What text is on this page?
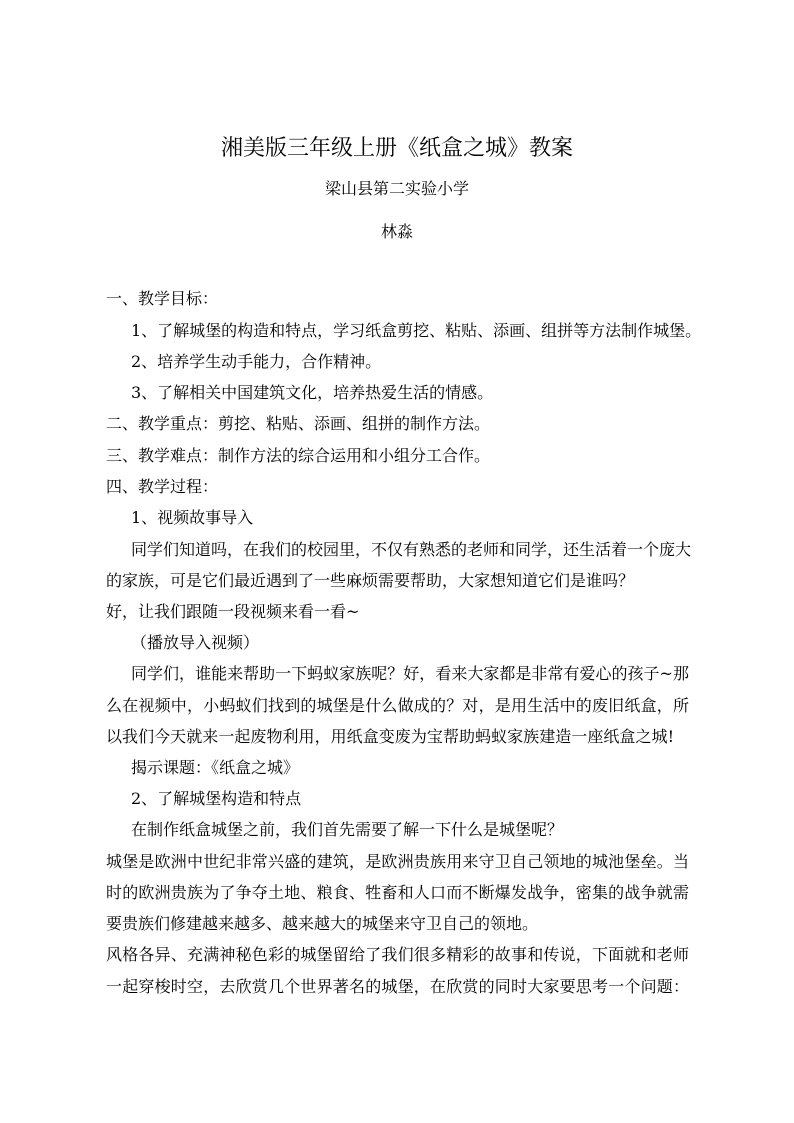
湘美版三年级上册《纸盒之城》教案
梁山县第二实验小学
林淼
一、教学目标：
1、了解城堡的构造和特点，学习纸盒剪挖、粘贴、添画、组拼等方法制作城堡。
2、培养学生动手能力，合作精神。
3、了解相关中国建筑文化，培养热爱生活的情感。
二、教学重点：剪挖、粘贴、添画、组拼的制作方法。
三、教学难点：制作方法的综合运用和小组分工合作。
四、教学过程：
1、视频故事导入
同学们知道吗，在我们的校园里，不仅有熟悉的老师和同学，还生活着一个庞大
的家族，可是它们最近遇到了一些麻烦需要帮助，大家想知道它们是谁吗？
好，让我们跟随一段视频来看一看~
（播放导入视频）
同学们，谁能来帮助一下蚂蚁家族呢？好，看来大家都是非常有爱心的孩子~那
么在视频中，小蚂蚁们找到的城堡是什么做成的？对，是用生活中的废旧纸盒，所
以我们今天就来一起废物利用，用纸盒变废为宝帮助蚂蚁家族建造一座纸盒之城!
揭示课题：《纸盒之城》
2、了解城堡构造和特点
在制作纸盒城堡之前，我们首先需要了解一下什么是城堡呢？
城堡是欧洲中世纪非常兴盛的建筑，是欧洲贵族用来守卫自己领地的城池堡垒。当
时的欧洲贵族为了争夺土地、粮食、牲畜和人口而不断爆发战争，密集的战争就需
要贵族们修建越来越多、越来越大的城堡来守卫自己的领地。
风格各异、充满神秘色彩的城堡留给了我们很多精彩的故事和传说，下面就和老师
一起穿梭时空，去欣赏几个世界著名的城堡，在欣赏的同时大家要思考一个问题：
